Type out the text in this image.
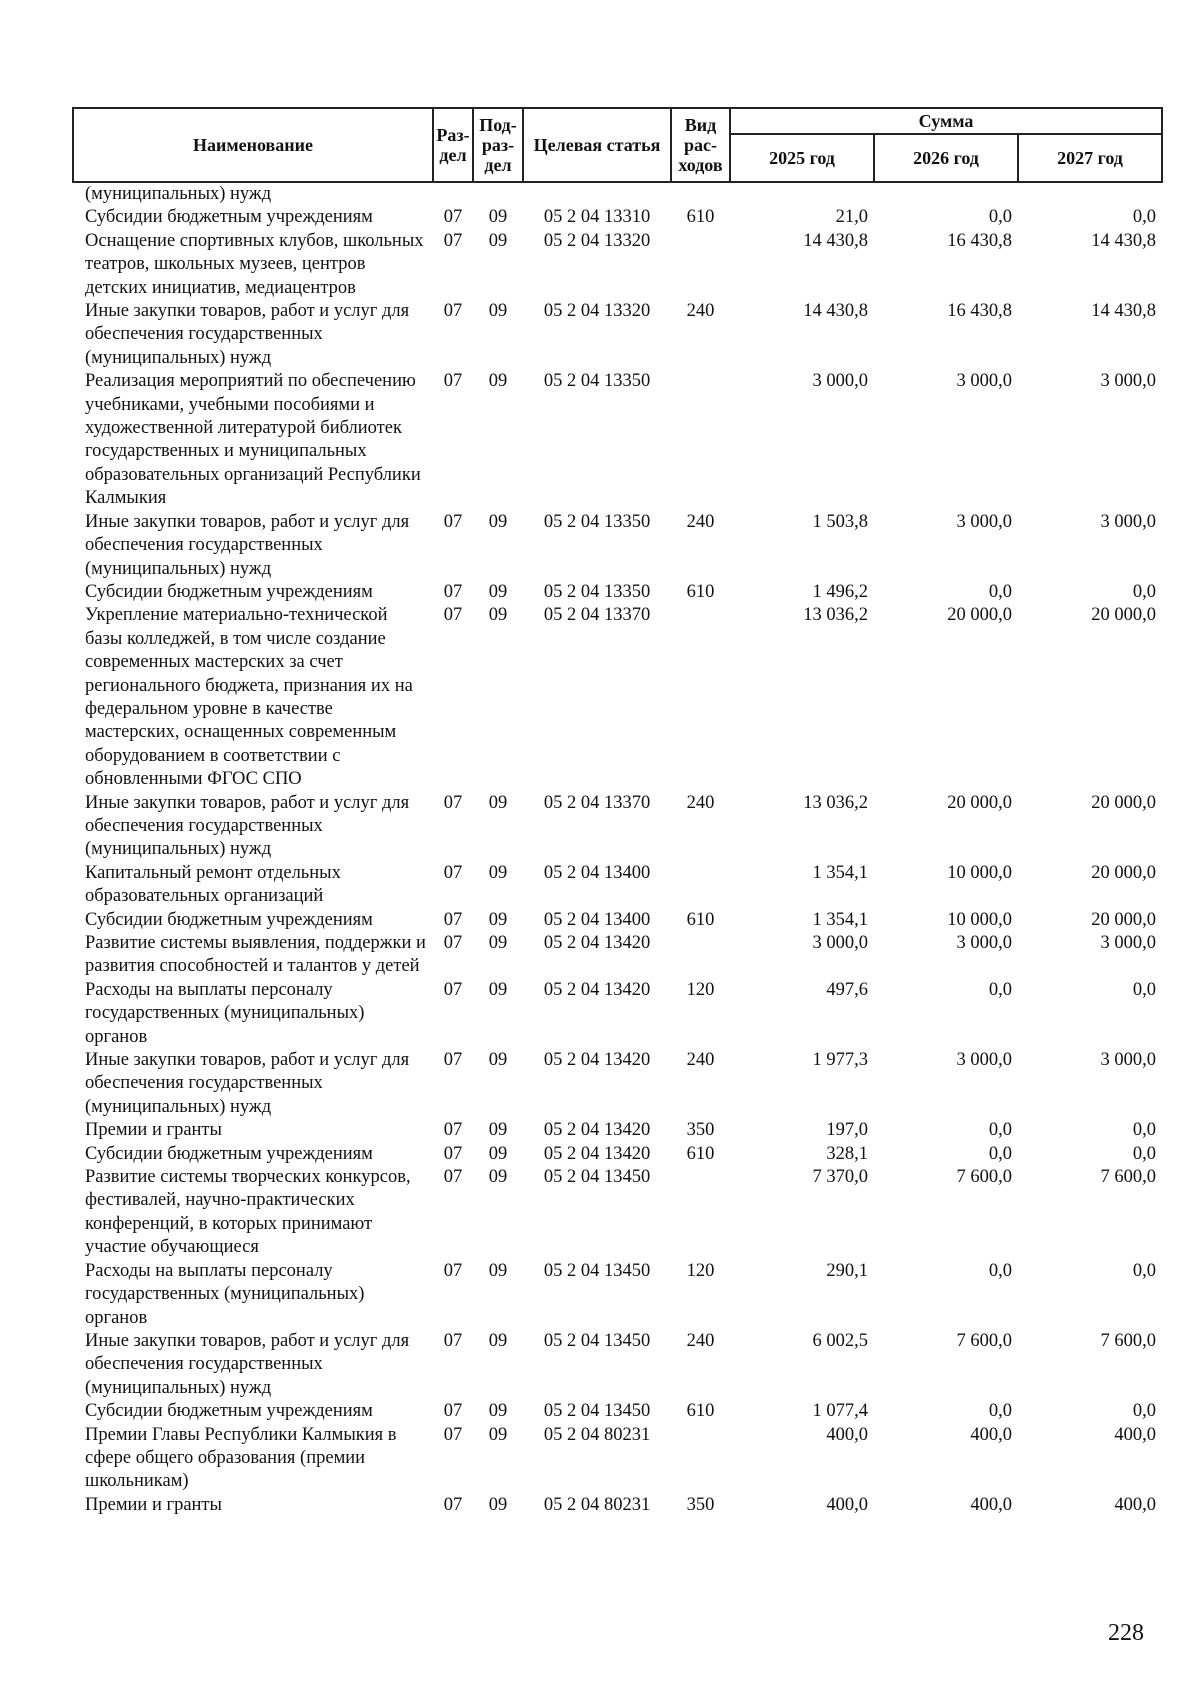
Наименование	Раз-дел	Под-раз-дел	Целевая статья	Вид рас-ходов	Сумма		
					2025 год	2026 год	2027 год
(муниципальных) нужд							
Субсидии бюджетным учреждениям	07	09	05 2 04 13310	610	21,0	0,0	0,0
Оснащение спортивных клубов, школьных театров, школьных музеев, центров детских инициатив, медиацентров	07	09	05 2 04 13320		14 430,8	16 430,8	14 430,8
Иные закупки товаров, работ и услуг для обеспечения государственных (муниципальных) нужд	07	09	05 2 04 13320	240	14 430,8	16 430,8	14 430,8
Реализация мероприятий по обеспечению учебниками, учебными пособиями и художественной литературой библиотек государственных и муниципальных образовательных организаций Республики Калмыкия	07	09	05 2 04 13350		3 000,0	3 000,0	3 000,0
Иные закупки товаров, работ и услуг для обеспечения государственных (муниципальных) нужд	07	09	05 2 04 13350	240	1 503,8	3 000,0	3 000,0
Субсидии бюджетным учреждениям	07	09	05 2 04 13350	610	1 496,2	0,0	0,0
Укрепление материально-технической базы колледжей, в том числе создание современных мастерских за счет регионального бюджета, признания их на федеральном уровне в качестве мастерских, оснащенных современным оборудованием в соответствии с обновленными ФГОС СПО	07	09	05 2 04 13370		13 036,2	20 000,0	20 000,0
Иные закупки товаров, работ и услуг для обеспечения государственных (муниципальных) нужд	07	09	05 2 04 13370	240	13 036,2	20 000,0	20 000,0
Капитальный ремонт отдельных образовательных организаций	07	09	05 2 04 13400		1 354,1	10 000,0	20 000,0
Субсидии бюджетным учреждениям	07	09	05 2 04 13400	610	1 354,1	10 000,0	20 000,0
Развитие системы выявления, поддержки и развития способностей и талантов у детей	07	09	05 2 04 13420		3 000,0	3 000,0	3 000,0
Расходы на выплаты персоналу государственных (муниципальных) органов	07	09	05 2 04 13420	120	497,6	0,0	0,0
Иные закупки товаров, работ и услуг для обеспечения государственных (муниципальных) нужд	07	09	05 2 04 13420	240	1 977,3	3 000,0	3 000,0
Премии и гранты	07	09	05 2 04 13420	350	197,0	0,0	0,0
Субсидии бюджетным учреждениям	07	09	05 2 04 13420	610	328,1	0,0	0,0
Развитие системы творческих конкурсов, фестивалей, научно-практических конференций, в которых принимают участие обучающиеся	07	09	05 2 04 13450		7 370,0	7 600,0	7 600,0
Расходы на выплаты персоналу государственных (муниципальных) органов	07	09	05 2 04 13450	120	290,1	0,0	0,0
Иные закупки товаров, работ и услуг для обеспечения государственных (муниципальных) нужд	07	09	05 2 04 13450	240	6 002,5	7 600,0	7 600,0
Субсидии бюджетным учреждениям	07	09	05 2 04 13450	610	1 077,4	0,0	0,0
Премии Главы Республики Калмыкия в сфере общего образования (премии школьникам)	07	09	05 2 04 80231		400,0	400,0	400,0
Премии и гранты	07	09	05 2 04 80231	350	400,0	400,0	400,0
228
